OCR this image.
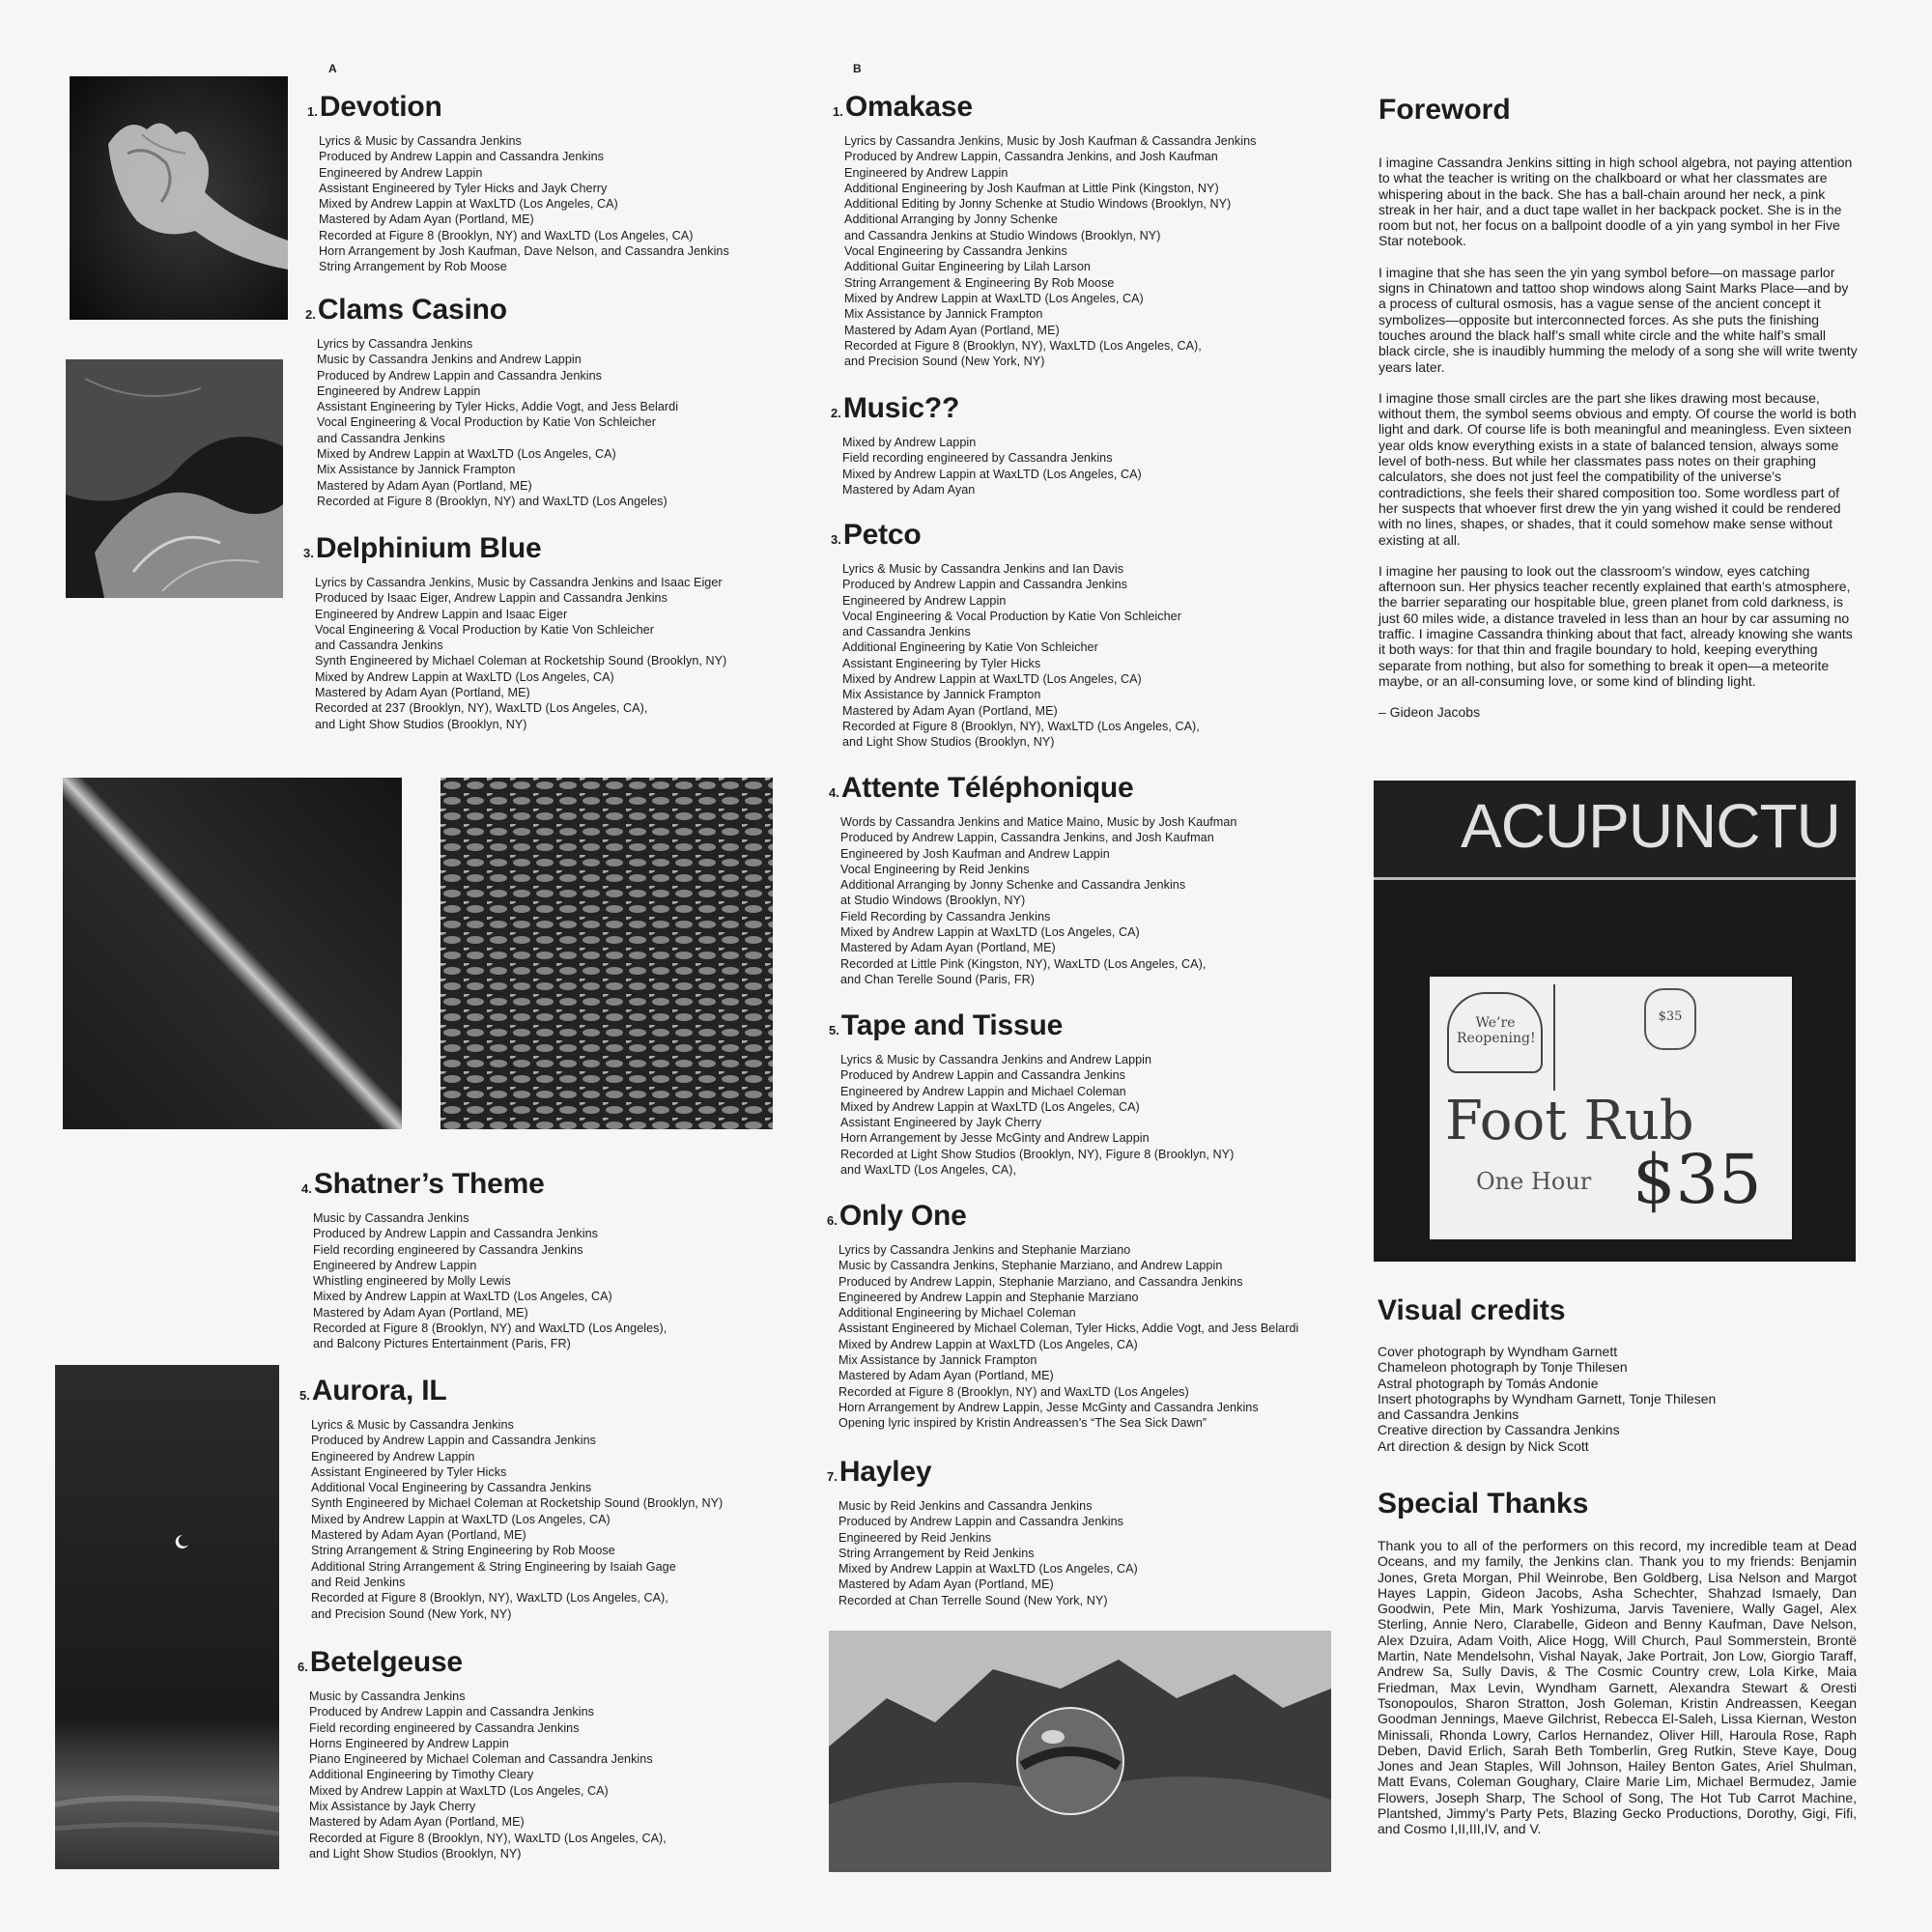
A	B
1. Devotion
Lyrics & Music by Cassandra Jenkins
Produced by Andrew Lappin and Cassandra Jenkins
Engineered by Andrew Lappin
Assistant Engineered by Tyler Hicks and Jayk Cherry
Mixed by Andrew Lappin at WaxLTD (Los Angeles, CA)
Mastered by Adam Ayan (Portland, ME)
Recorded at Figure 8 (Brooklyn, NY) and WaxLTD (Los Angeles, CA)
Horn Arrangement by Josh Kaufman, Dave Nelson, and Cassandra Jenkins
String Arrangement by Rob Moose
2. Clams Casino
Lyrics by Cassandra Jenkins
Music by Cassandra Jenkins and Andrew Lappin
Produced by Andrew Lappin and Cassandra Jenkins
Engineered by Andrew Lappin
Assistant Engineering by Tyler Hicks, Addie Vogt, and Jess Belardi
Vocal Engineering & Vocal Production by Katie Von Schleicher
and Cassandra Jenkins
Mixed by Andrew Lappin at WaxLTD (Los Angeles, CA)
Mix Assistance by Jannick Frampton
Mastered by Adam Ayan (Portland, ME)
Recorded at Figure 8 (Brooklyn, NY) and WaxLTD (Los Angeles)
3. Delphinium Blue
Lyrics by Cassandra Jenkins, Music by Cassandra Jenkins and Isaac Eiger
Produced by Isaac Eiger, Andrew Lappin and Cassandra Jenkins
Engineered by Andrew Lappin and Isaac Eiger
Vocal Engineering & Vocal Production by Katie Von Schleicher
and Cassandra Jenkins
Synth Engineered by Michael Coleman at Rocketship Sound (Brooklyn, NY)
Mixed by Andrew Lappin at WaxLTD (Los Angeles, CA)
Mastered by Adam Ayan (Portland, ME)
Recorded at 237 (Brooklyn, NY), WaxLTD (Los Angeles, CA),
and Light Show Studios (Brooklyn, NY)
4. Shatner’s Theme
Music by Cassandra Jenkins
Produced by Andrew Lappin and Cassandra Jenkins
Field recording engineered by Cassandra Jenkins
Engineered by Andrew Lappin
Whistling engineered by Molly Lewis
Mixed by Andrew Lappin at WaxLTD (Los Angeles, CA)
Mastered by Adam Ayan (Portland, ME)
Recorded at Figure 8 (Brooklyn, NY) and WaxLTD (Los Angeles),
and Balcony Pictures Entertainment (Paris, FR)
5. Aurora, IL
Lyrics & Music by Cassandra Jenkins
Produced by Andrew Lappin and Cassandra Jenkins
Engineered by Andrew Lappin
Assistant Engineered by Tyler Hicks
Additional Vocal Engineering by Cassandra Jenkins
Synth Engineered by Michael Coleman at Rocketship Sound (Brooklyn, NY)
Mixed by Andrew Lappin at WaxLTD (Los Angeles, CA)
Mastered by Adam Ayan (Portland, ME)
String Arrangement & String Engineering by Rob Moose
Additional String Arrangement & String Engineering by Isaiah Gage
and Reid Jenkins
Recorded at Figure 8 (Brooklyn, NY), WaxLTD (Los Angeles, CA),
and Precision Sound (New York, NY)
6. Betelgeuse
Music by Cassandra Jenkins
Produced by Andrew Lappin and Cassandra Jenkins
Field recording engineered by Cassandra Jenkins
Horns Engineered by Andrew Lappin
Piano Engineered by Michael Coleman and Cassandra Jenkins
Additional Engineering by Timothy Cleary
Mixed by Andrew Lappin at WaxLTD (Los Angeles, CA)
Mix Assistance by Jayk Cherry
Mastered by Adam Ayan (Portland, ME)
Recorded at Figure 8 (Brooklyn, NY), WaxLTD (Los Angeles, CA),
and Light Show Studios (Brooklyn, NY)
1. Omakase
Lyrics by Cassandra Jenkins, Music by Josh Kaufman & Cassandra Jenkins
Produced by Andrew Lappin, Cassandra Jenkins, and Josh Kaufman
Engineered by Andrew Lappin
Additional Engineering by Josh Kaufman at Little Pink (Kingston, NY)
Additional Editing by Jonny Schenke at Studio Windows (Brooklyn, NY)
Additional Arranging by Jonny Schenke
and Cassandra Jenkins at Studio Windows (Brooklyn, NY)
Vocal Engineering by Cassandra Jenkins
Additional Guitar Engineering by Lilah Larson
String Arrangement & Engineering By Rob Moose
Mixed by Andrew Lappin at WaxLTD (Los Angeles, CA)
Mix Assistance by Jannick Frampton
Mastered by Adam Ayan (Portland, ME)
Recorded at Figure 8 (Brooklyn, NY), WaxLTD (Los Angeles, CA),
and Precision Sound (New York, NY)
2. Music??
Mixed by Andrew Lappin
Field recording engineered by Cassandra Jenkins
Mixed by Andrew Lappin at WaxLTD (Los Angeles, CA)
Mastered by Adam Ayan
3. Petco
Lyrics & Music by Cassandra Jenkins and Ian Davis
Produced by Andrew Lappin and Cassandra Jenkins
Engineered by Andrew Lappin
Vocal Engineering & Vocal Production by Katie Von Schleicher
and Cassandra Jenkins
Additional Engineering by Katie Von Schleicher
Assistant Engineering by Tyler Hicks
Mixed by Andrew Lappin at WaxLTD (Los Angeles, CA)
Mix Assistance by Jannick Frampton
Mastered by Adam Ayan (Portland, ME)
Recorded at Figure 8 (Brooklyn, NY), WaxLTD (Los Angeles, CA),
and Light Show Studios (Brooklyn, NY)
4. Attente Téléphonique
Words by Cassandra Jenkins and Matice Maino, Music by Josh Kaufman
Produced by Andrew Lappin, Cassandra Jenkins, and Josh Kaufman
Engineered by Josh Kaufman and Andrew Lappin
Vocal Engineering by Reid Jenkins
Additional Arranging by Jonny Schenke and Cassandra Jenkins
at Studio Windows (Brooklyn, NY)
Field Recording by Cassandra Jenkins
Mixed by Andrew Lappin at WaxLTD (Los Angeles, CA)
Mastered by Adam Ayan (Portland, ME)
Recorded at Little Pink (Kingston, NY), WaxLTD (Los Angeles, CA),
and Chan Terelle Sound (Paris, FR)
5. Tape and Tissue
Lyrics & Music by Cassandra Jenkins and Andrew Lappin
Produced by Andrew Lappin and Cassandra Jenkins
Engineered by Andrew Lappin and Michael Coleman
Mixed by Andrew Lappin at WaxLTD (Los Angeles, CA)
Assistant Engineered by Jayk Cherry
Horn Arrangement by Jesse McGinty and Andrew Lappin
Recorded at Light Show Studios (Brooklyn, NY), Figure 8 (Brooklyn, NY)
and WaxLTD (Los Angeles, CA),
6. Only One
Lyrics by Cassandra Jenkins and Stephanie Marziano
Music by Cassandra Jenkins, Stephanie Marziano, and Andrew Lappin
Produced by Andrew Lappin, Stephanie Marziano, and Cassandra Jenkins
Engineered by Andrew Lappin and Stephanie Marziano
Additional Engineering by Michael Coleman
Assistant Engineered by Michael Coleman, Tyler Hicks, Addie Vogt, and Jess Belardi
Mixed by Andrew Lappin at WaxLTD (Los Angeles, CA)
Mix Assistance by Jannick Frampton
Mastered by Adam Ayan (Portland, ME)
Recorded at Figure 8 (Brooklyn, NY) and WaxLTD (Los Angeles)
Horn Arrangement by Andrew Lappin, Jesse McGinty and Cassandra Jenkins
Opening lyric inspired by Kristin Andreassen’s “The Sea Sick Dawn”
7. Hayley
Music by Reid Jenkins and Cassandra Jenkins
Produced by Andrew Lappin and Cassandra Jenkins
Engineered by Reid Jenkins
String Arrangement by Reid Jenkins
Mixed by Andrew Lappin at WaxLTD (Los Angeles, CA)
Mastered by Adam Ayan (Portland, ME)
Recorded at Chan Terrelle Sound (New York, NY)
Foreword

I imagine Cassandra Jenkins sitting in high school algebra, not paying attention to what the teacher is writing on the chalkboard or what her classmates are whispering about in the back. She has a ball-chain around her neck, a pink streak in her hair, and a duct tape wallet in her backpack pocket. She is in the room but not, her focus on a ballpoint doodle of a yin yang symbol in her Five Star notebook.

I imagine that she has seen the yin yang symbol before—on massage parlor signs in Chinatown and tattoo shop windows along Saint Marks Place—and by a process of cultural osmosis, has a vague sense of the ancient concept it symbolizes—opposite but interconnected forces. As she puts the finishing touches around the black half’s small white circle and the white half’s small black circle, she is inaudibly humming the melody of a song she will write twenty years later.

I imagine those small circles are the part she likes drawing most because, without them, the symbol seems obvious and empty. Of course the world is both light and dark. Of course life is both meaningful and meaningless. Even sixteen year olds know everything exists in a state of balanced tension, always some level of both-ness. But while her classmates pass notes on their graphing calculators, she does not just feel the compatibility of the universe’s contradictions, she feels their shared composition too. Some wordless part of her suspects that whoever first drew the yin yang wished it could be rendered with no lines, shapes, or shades, that it could somehow make sense without existing at all.

I imagine her pausing to look out the classroom’s window, eyes catching afternoon sun. Her physics teacher recently explained that earth’s atmosphere, the barrier separating our hospitable blue, green planet from cold darkness, is just 60 miles wide, a distance traveled in less than an hour by car assuming no traffic. I imagine Cassandra thinking about that fact, already knowing she wants it both ways: for that thin and fragile boundary to hold, keeping everything separate from nothing, but also for something to break it open—a meteorite maybe, or an all-consuming love, or some kind of blinding light.

– Gideon Jacobs

ACUPUNCTU
We’re Reopening!
$35
Foot Rub
One Hour $35
Visual credits
Cover photograph by Wyndham Garnett
Chameleon photograph by Tonje Thilesen
Astral photograph by Tomás Andonie
Insert photographs by Wyndham Garnett, Tonje Thilesen
and Cassandra Jenkins
Creative direction by Cassandra Jenkins
Art direction & design by Nick Scott
Special Thanks

Thank you to all of the performers on this record, my incredible team at Dead Oceans, and my family, the Jenkins clan. Thank you to my friends: Benjamin Jones, Greta Morgan, Phil Weinrobe, Ben Goldberg, Lisa Nelson and Margot Hayes Lappin, Gideon Jacobs, Asha Schechter, Shahzad Ismaely, Dan Goodwin, Pete Min, Mark Yoshizuma, Jarvis Taveniere, Wally Gagel, Alex Sterling, Annie Nero, Clarabelle, Gideon and Benny Kaufman, Dave Nelson, Alex Dzuira, Adam Voith, Alice Hogg, Will Church, Paul Sommerstein, Brontë Martin, Nate Mendelsohn, Vishal Nayak, Jake Portrait, Jon Low, Giorgio Taraff, Andrew Sa, Sully Davis, & The Cosmic Country crew, Lola Kirke, Maia Friedman, Max Levin, Wyndham Garnett, Alexandra Stewart & Oresti Tsonopoulos, Sharon Stratton, Josh Goleman, Kristin Andreassen, Keegan Goodman Jennings, Maeve Gilchrist, Rebecca El-Saleh, Lissa Kiernan, Weston Minissali, Rhonda Lowry, Carlos Hernandez, Oliver Hill, Haroula Rose, Raph Deben, David Erlich, Sarah Beth Tomberlin, Greg Rutkin, Steve Kaye, Doug Jones and Jean Staples, Will Johnson, Hailey Benton Gates, Ariel Shulman, Matt Evans, Coleman Goughary, Claire Marie Lim, Michael Bermudez, Jamie Flowers, Joseph Sharp, The School of Song, The Hot Tub Carrot Machine, Plantshed, Jimmy’s Party Pets, Blazing Gecko Productions, Dorothy, Gigi, Fifi, and Cosmo I,II,III,IV, and V.
